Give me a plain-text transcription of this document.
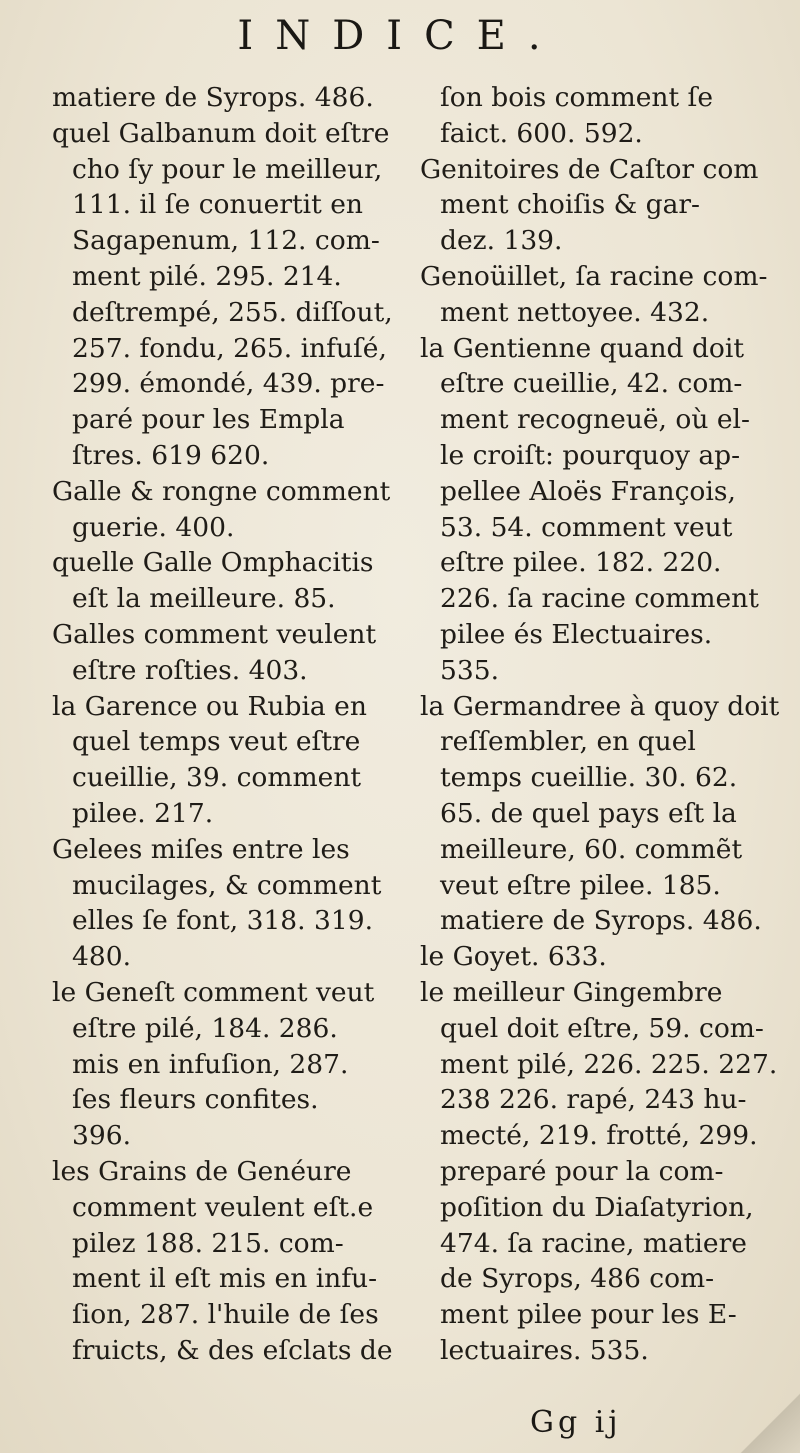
INDICE.
matiere de Syrops. 486.
quel Galbanum doit eſtre
cho ſy pour le meilleur,
111. il ſe conuertit en
Sagapenum, 112. com-
ment pilé. 295. 214.
deſtrempé, 255. diſſout,
257. fondu, 265. infuſé,
299. émondé, 439. pre-
paré pour les Empla
ſtres. 619 620.
Galle & rongne comment
guerie. 400.
quelle Galle Omphacitis
eſt la meilleure. 85.
Galles comment veulent
eſtre roſties. 403.
la Garence ou Rubia en
quel temps veut eſtre
cueillie, 39. comment
pilee. 217.
Gelees miſes entre les
mucilages, & comment
elles ſe font, 318. 319.
480.
le Geneſt comment veut
eſtre pilé, 184. 286.
mis en infuſion, 287.
ſes fleurs confites.
396.
les Grains de Genéure
comment veulent eſt.e
pilez 188. 215. com-
ment il eſt mis en infu-
ſion, 287. l'huile de ſes
fruicts, & des eſclats de
ſon bois comment ſe
faict. 600. 592.
Genitoires de Caſtor com
ment choiſis & gar-
dez. 139.
Genoüillet, ſa racine com-
ment nettoyee. 432.
la Gentienne quand doit
eſtre cueillie, 42. com-
ment recogneuë, où el-
le croiſt: pourquoy ap-
pellee Aloës François,
53. 54. comment veut
eſtre pilee. 182. 220.
226. ſa racine comment
pilee és Electuaires.
535.
la Germandree à quoy doit
reſſembler, en quel
temps cueillie. 30. 62.
65. de quel pays eſt la
meilleure, 60. commẽt
veut eſtre pilee. 185.
matiere de Syrops. 486.
le Goyet. 633.
le meilleur Gingembre
quel doit eſtre, 59. com-
ment pilé, 226. 225. 227.
238 226. rapé, 243 hu-
mecté, 219. frotté, 299.
preparé pour la com-
poſition du Diaſatyrion,
474. ſa racine, matiere
de Syrops, 486 com-
ment pilee pour les E-
lectuaires. 535.
Gg ij
